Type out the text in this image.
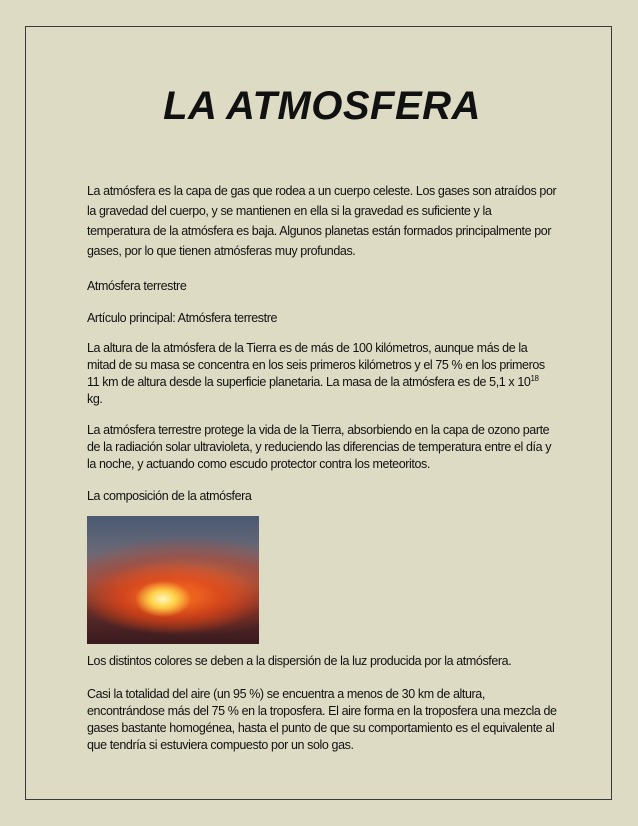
LA ATMOSFERA
La atmósfera es la capa de gas que rodea a un cuerpo celeste. Los gases son atraídos por la gravedad del cuerpo, y se mantienen en ella si la gravedad es suficiente y la temperatura de la atmósfera es baja. Algunos planetas están formados principalmente por gases, por lo que tienen atmósferas muy profundas.
Atmósfera terrestre
Artículo principal: Atmósfera terrestre
La altura de la atmósfera de la Tierra es de más de 100 kilómetros, aunque más de la mitad de su masa se concentra en los seis primeros kilómetros y el 75 % en los primeros 11 km de altura desde la superficie planetaria. La masa de la atmósfera es de 5,1 x $10^{18}$ kg.
La atmósfera terrestre protege la vida de la Tierra, absorbiendo en la capa de ozono parte de la radiación solar ultravioleta, y reduciendo las diferencias de temperatura entre el día y la noche, y actuando como escudo protector contra los meteoritos.
La composición de la atmósfera
Los distintos colores se deben a la dispersión de la luz producida por la atmósfera.
Casi la totalidad del aire (un 95 %) se encuentra a menos de 30 km de altura, encontrándose más del 75 % en la troposfera. El aire forma en la troposfera una mezcla de gases bastante homogénea, hasta el punto de que su comportamiento es el equivalente al que tendría si estuviera compuesto por un solo gas.
